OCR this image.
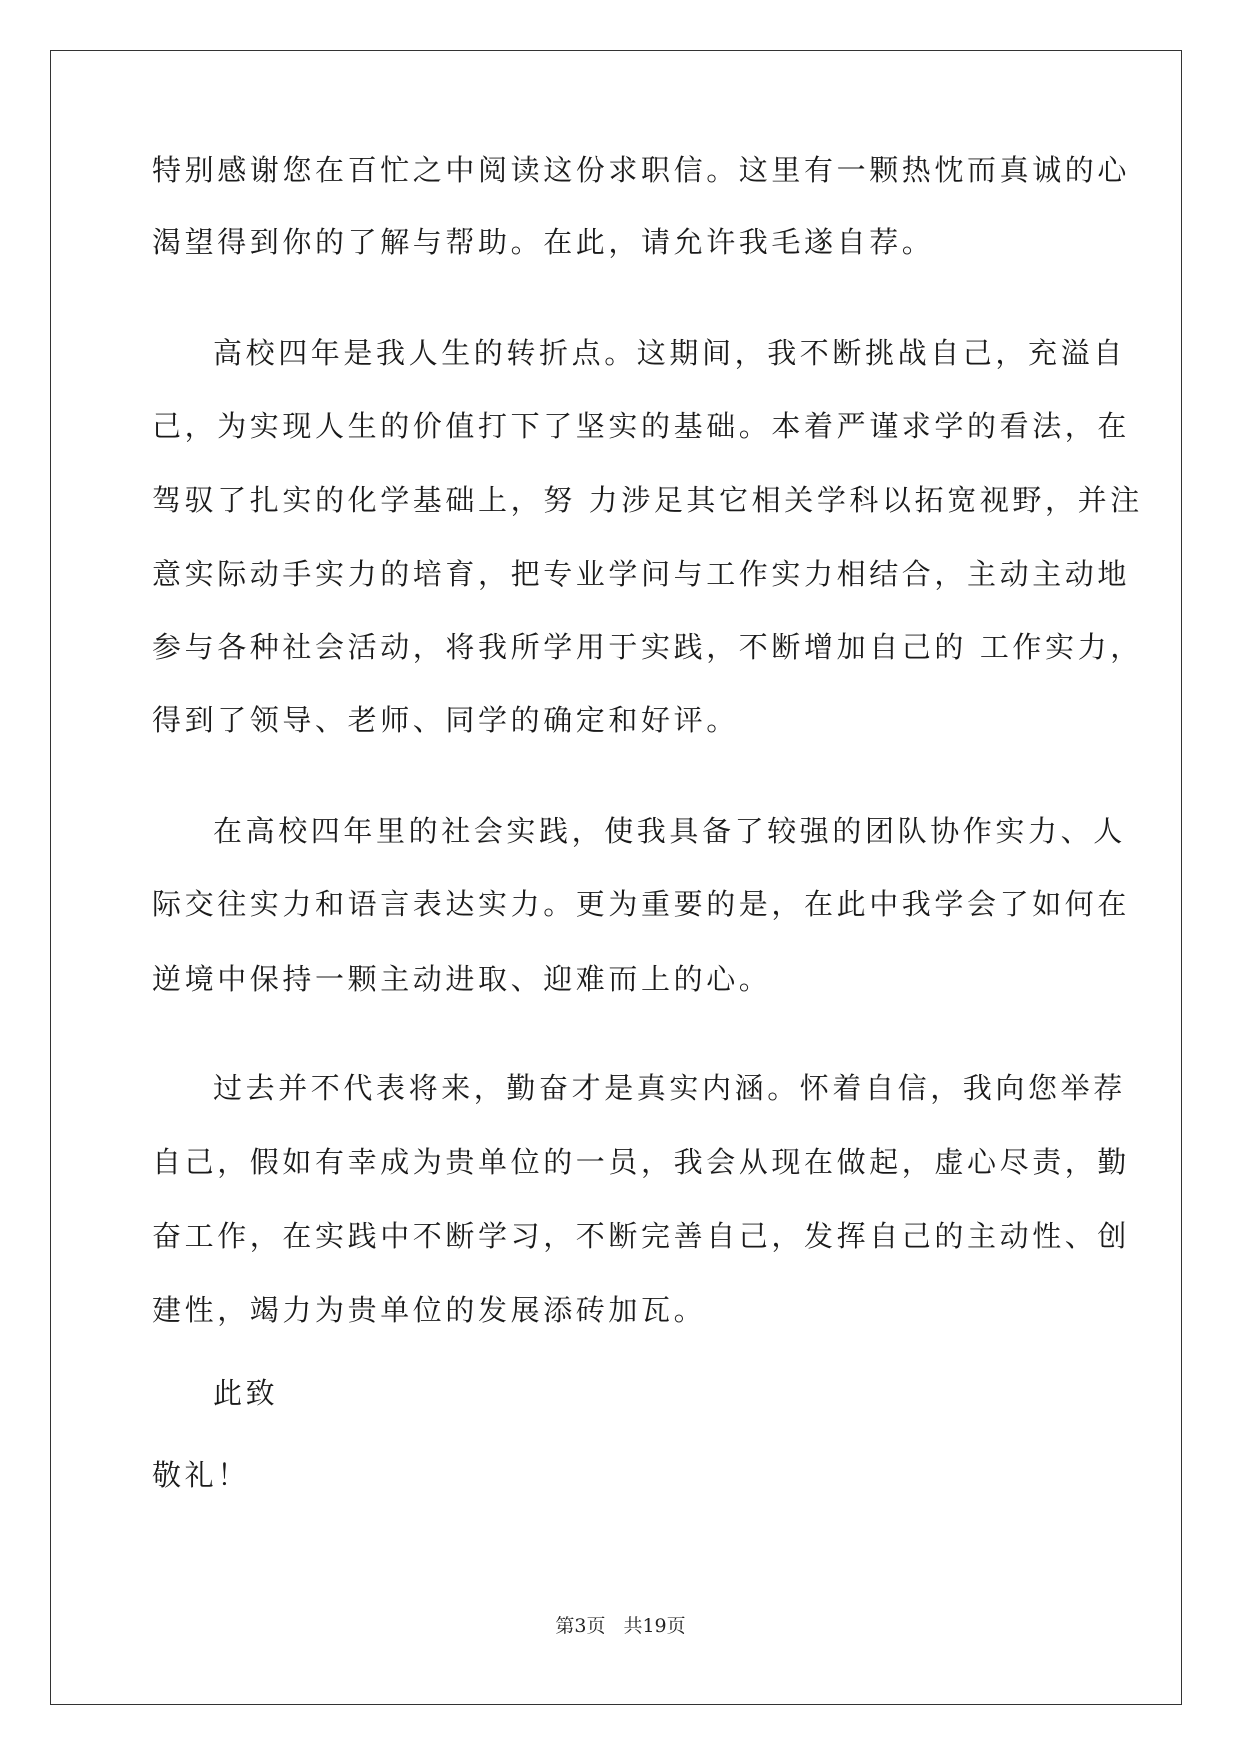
特别感谢您在百忙之中阅读这份求职信。这里有一颗热忱而真诚的心
渴望得到你的了解与帮助。在此，请允许我毛遂自荐。
高校四年是我人生的转折点。这期间，我不断挑战自己，充溢自
己，为实现人生的价值打下了坚实的基础。本着严谨求学的看法，在
驾驭了扎实的化学基础上，努 力涉足其它相关学科以拓宽视野，并注
意实际动手实力的培育，把专业学问与工作实力相结合，主动主动地
参与各种社会活动，将我所学用于实践，不断增加自己的 工作实力，
得到了领导、老师、同学的确定和好评。
在高校四年里的社会实践，使我具备了较强的团队协作实力、人
际交往实力和语言表达实力。更为重要的是，在此中我学会了如何在
逆境中保持一颗主动进取、迎难而上的心。
过去并不代表将来，勤奋才是真实内涵。怀着自信，我向您举荐
自己，假如有幸成为贵单位的一员，我会从现在做起，虚心尽责，勤
奋工作，在实践中不断学习，不断完善自己，发挥自己的主动性、创
建性，竭力为贵单位的发展添砖加瓦。
此致
敬礼！
第3页 共19页
